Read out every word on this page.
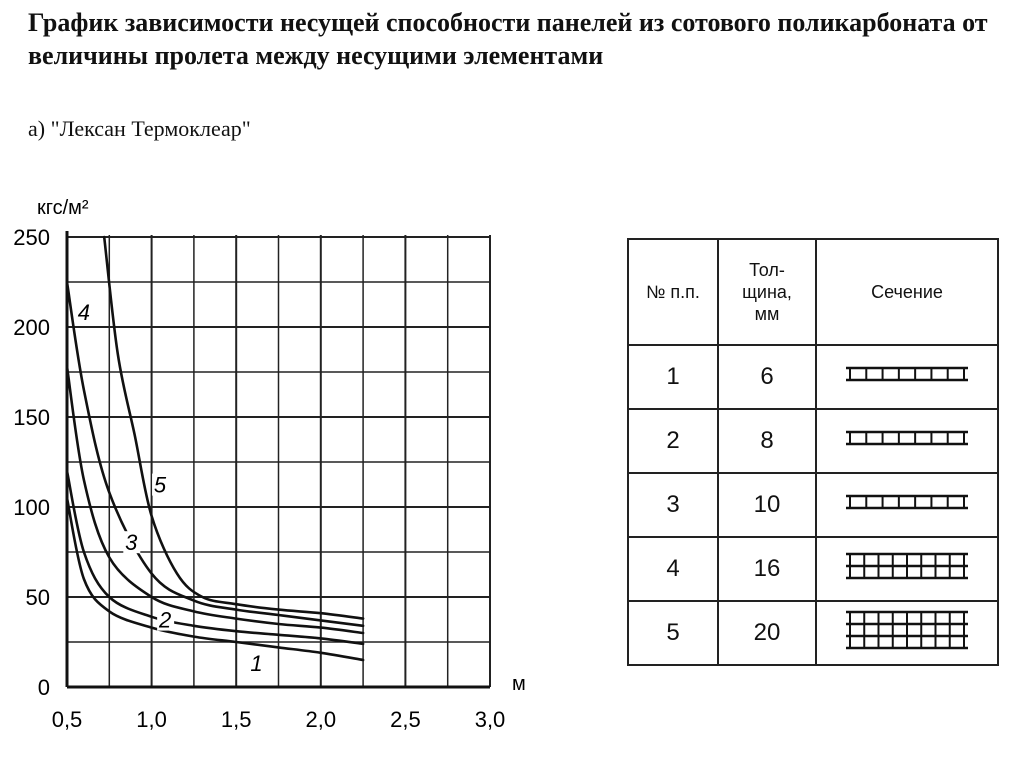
График зависимости несущей способности панелей из сотового поликарбоната от величины пролета между несущими элементами
а) "Лексан Термоклеар"
0
50
100
150
200
250
0,5 1,0 1,5 2,0 2,5 3,0
1
2
3
4
5
кгс/м²
м
№ п.п.	Тол-
щина,
мм	Сечение
1	6	
2	8	
3	10	
4	16	
5	20	
